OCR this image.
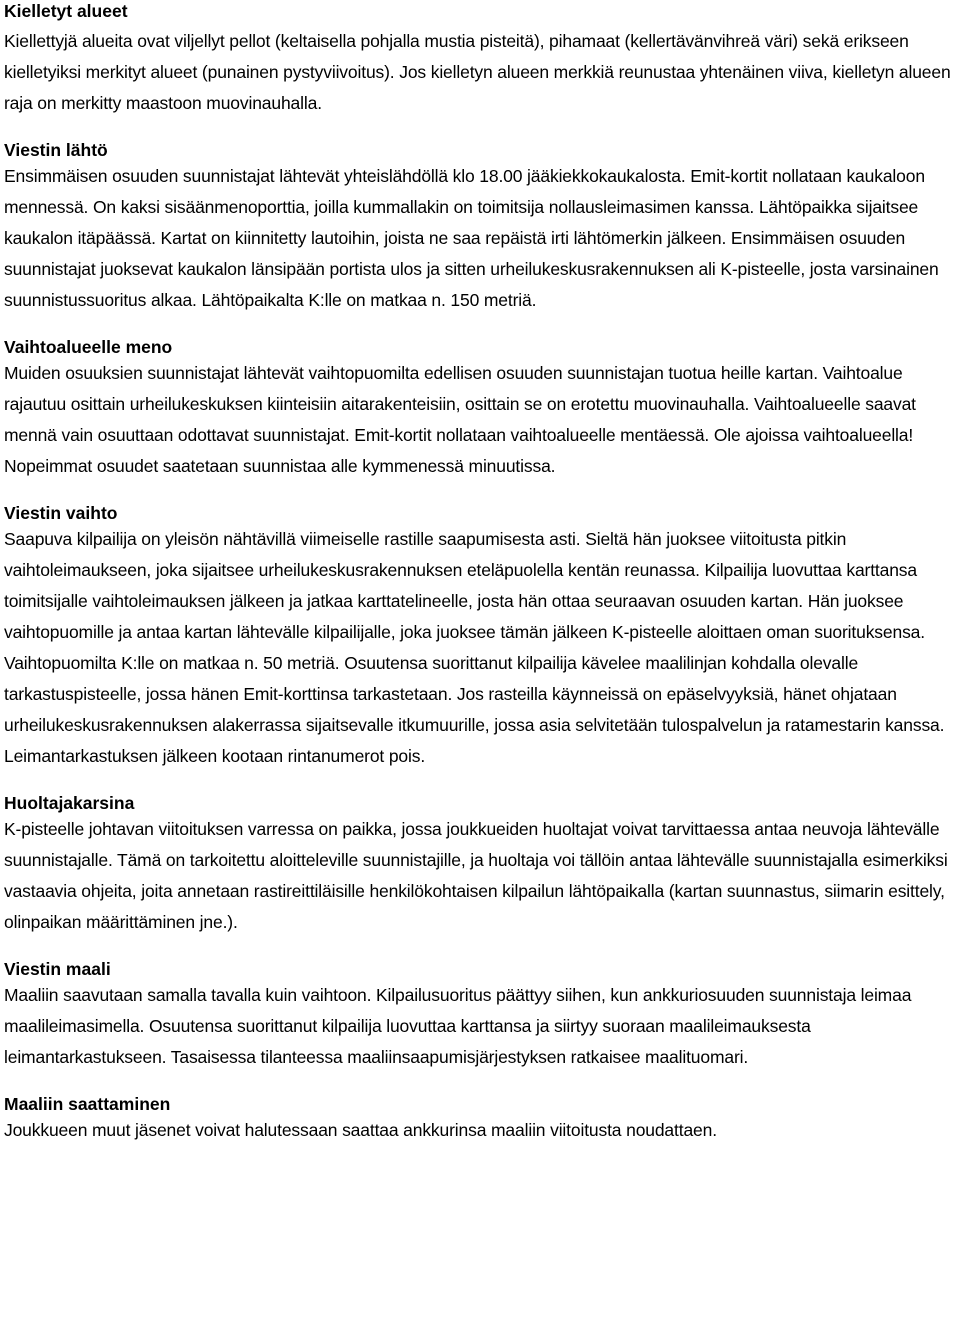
Kielletyt alueet

Kiellettyjä alueita ovat viljellyt pellot (keltaisella pohjalla mustia pisteitä), pihamaat (kellertävänvihreä väri) sekä erikseen kielletyiksi merkityt alueet (punainen pystyviivoitus). Jos kielletyn alueen merkkiä reunustaa yhtenäinen viiva, kielletyn alueen raja on merkitty maastoon muovinauhalla.

Viestin lähtö

Ensimmäisen osuuden suunnistajat lähtevät yhteislähdöllä klo 18.00 jääkiekkokaukalosta. Emit-kortit nollataan kaukaloon mennessä. On kaksi sisäänmenoporttia, joilla kummallakin on toimitsija nollausleimasimen kanssa. Lähtöpaikka sijaitsee kaukalon itäpäässä. Kartat on kiinnitetty lautoihin, joista ne saa repäistä irti lähtömerkin jälkeen. Ensimmäisen osuuden suunnistajat juoksevat kaukalon länsipään portista ulos ja sitten urheilukeskusrakennuksen ali K-pisteelle, josta varsinainen suunnistussuoritus alkaa. Lähtöpaikalta K:lle on matkaa n. 150 metriä.

Vaihtoalueelle meno

Muiden osuuksien suunnistajat lähtevät vaihtopuomilta edellisen osuuden suunnistajan tuotua heille kartan. Vaihtoalue rajautuu osittain urheilukeskuksen kiinteisiin aitarakenteisiin, osittain se on erotettu muovinauhalla. Vaihtoalueelle saavat mennä vain osuuttaan odottavat suunnistajat. Emit-kortit nollataan vaihtoalueelle mentäessä. Ole ajoissa vaihtoalueella! Nopeimmat osuudet saatetaan suunnistaa alle kymmenessä minuutissa.

Viestin vaihto

Saapuva kilpailija on yleisön nähtävillä viimeiselle rastille saapumisesta asti. Sieltä hän juoksee viitoitusta pitkin vaihtoleimaukseen, joka sijaitsee urheilukeskusrakennuksen eteläpuolella kentän reunassa. Kilpailija luovuttaa karttansa toimitsijalle vaihtoleimauksen jälkeen ja jatkaa karttatelineelle, josta hän ottaa seuraavan osuuden kartan. Hän juoksee vaihtopuomille ja antaa kartan lähtevälle kilpailijalle, joka juoksee tämän jälkeen K-pisteelle aloittaen oman suorituksensa. Vaihtopuomilta K:lle on matkaa n. 50 metriä. Osuutensa suorittanut kilpailija kävelee maalilinjan kohdalla olevalle tarkastuspisteelle, jossa hänen Emit-korttinsa tarkastetaan. Jos rasteilla käynneissä on epäselvyyksiä, hänet ohjataan urheilukeskusrakennuksen alakerrassa sijaitsevalle itkumuurille, jossa asia selvitetään tulospalvelun ja ratamestarin kanssa. Leimantarkastuksen jälkeen kootaan rintanumerot pois.

Huoltajakarsina

K-pisteelle johtavan viitoituksen varressa on paikka, jossa joukkueiden huoltajat voivat tarvittaessa antaa neuvoja lähtevälle suunnistajalle. Tämä on tarkoitettu aloitteleville suunnistajille, ja huoltaja voi tällöin antaa lähtevälle suunnistajalla esimerkiksi vastaavia ohjeita, joita annetaan rastireittiläisille henkilökohtaisen kilpailun lähtöpaikalla (kartan suunnastus, siimarin esittely, olinpaikan määrittäminen jne.).

Viestin maali

Maaliin saavutaan samalla tavalla kuin vaihtoon. Kilpailusuoritus päättyy siihen, kun ankkuriosuuden suunnistaja leimaa maalileimasimella. Osuutensa suorittanut kilpailija luovuttaa karttansa ja siirtyy suoraan maalileimauksesta leimantarkastukseen. Tasaisessa tilanteessa maaliinsaapumisjärjestyksen ratkaisee maalituomari.

Maaliin saattaminen

Joukkueen muut jäsenet voivat halutessaan saattaa ankkurinsa maaliin viitoitusta noudattaen.
